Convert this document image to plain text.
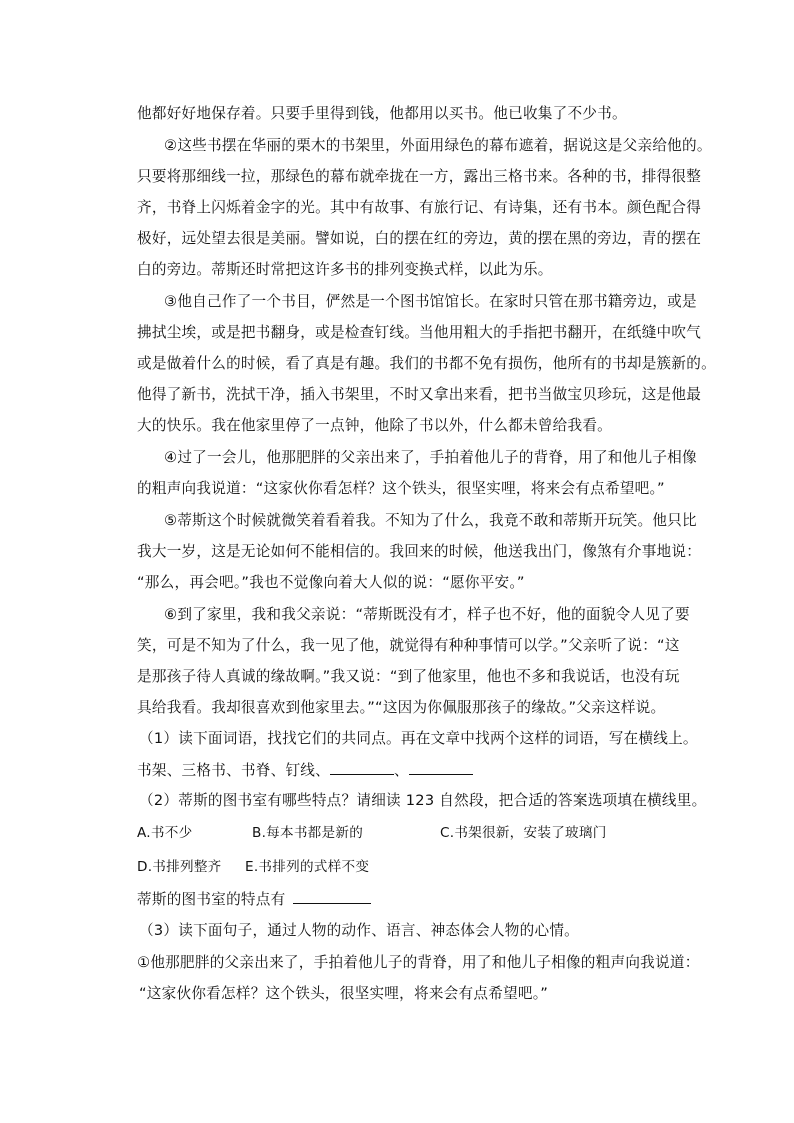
他都好好地保存着。只要手里得到钱，他都用以买书。他已收集了不少书。
②这些书摆在华丽的栗木的书架里，外面用绿色的幕布遮着，据说这是父亲给他的。
只要将那细线一拉，那绿色的幕布就牵拢在一方，露出三格书来。各种的书，排得很整
齐，书脊上闪烁着金字的光。其中有故事、有旅行记、有诗集，还有书本。颜色配合得
极好，远处望去很是美丽。譬如说，白的摆在红的旁边，黄的摆在黑的旁边，青的摆在
白的旁边。蒂斯还时常把这许多书的排列变换式样，以此为乐。
③他自己作了一个书目，俨然是一个图书馆馆长。在家时只管在那书籍旁边，或是
拂拭尘埃，或是把书翻身，或是检查钉线。当他用粗大的手指把书翻开，在纸缝中吹气
或是做着什么的时候，看了真是有趣。我们的书都不免有损伤，他所有的书却是簇新的。
他得了新书，洗拭干净，插入书架里，不时又拿出来看，把书当做宝贝珍玩，这是他最
大的快乐。我在他家里停了一点钟，他除了书以外，什么都未曾给我看。
④过了一会儿，他那肥胖的父亲出来了，手拍着他儿子的背脊，用了和他儿子相像
的粗声向我说道：“这家伙你看怎样？这个铁头，很坚实哩，将来会有点希望吧。”
⑤蒂斯这个时候就微笑着看着我。不知为了什么，我竟不敢和蒂斯开玩笑。他只比
我大一岁，这是无论如何不能相信的。我回来的时候，他送我出门，像煞有介事地说：
“那么，再会吧。”我也不觉像向着大人似的说：“愿你平安。”
⑥到了家里，我和我父亲说：“蒂斯既没有才，样子也不好，他的面貌令人见了要
笑，可是不知为了什么，我一见了他，就觉得有种种事情可以学。”父亲听了说：“这
是那孩子待人真诚的缘故啊。”我又说：“到了他家里，他也不多和我说话，也没有玩
具给我看。我却很喜欢到他家里去。”“这因为你佩服那孩子的缘故。”父亲这样说。
（1）读下面词语，找找它们的共同点。再在文章中找两个这样的词语，写在横线上。
书架、三格书、书脊、钉线、	、
（2）蒂斯的图书室有哪些特点？请细读 123 自然段，把合适的答案选项填在横线里。
A.书不少	B.每本书都是新的	C.书架很新，安装了玻璃门
D.书排列整齐 E.书排列的式样不变
蒂斯的图书室的特点有
（3）读下面句子，通过人物的动作、语言、神态体会人物的心情。
①他那肥胖的父亲出来了，手拍着他儿子的背脊，用了和他儿子相像的粗声向我说道：
“这家伙你看怎样？这个铁头，很坚实哩，将来会有点希望吧。”
